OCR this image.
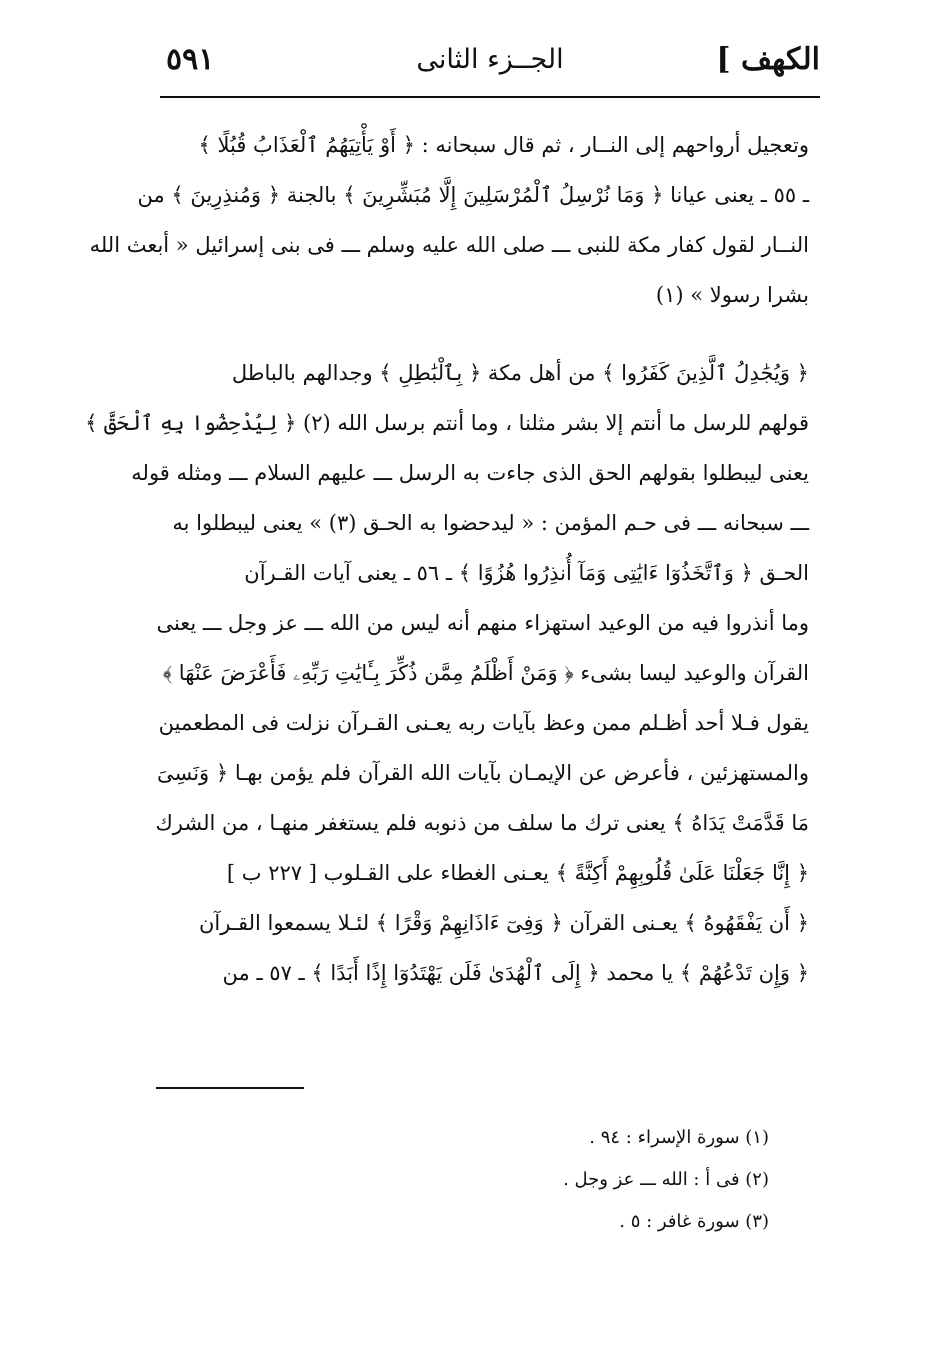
الكهف ]
الجــزء الثانى
٥٩١
وتعجيل أرواحهم إلى النــار ، ثم قال سبحانه : ﴿ أَوْ يَأْتِيَهُمُ ٱلْعَذَابُ قُبُلًا ﴾
ـ ٥٥ ـ يعنى عيانا ﴿ وَمَا نُرْسِلُ ٱلْمُرْسَلِينَ إِلَّا مُبَشِّرِينَ ﴾ بالجنة ﴿ وَمُنذِرِينَ ﴾ من
النــار لقول كفار مكة للنبى ـــ صلى الله عليه وسلم ـــ فى بنى إسرائيل « أبعث الله
بشرا رسولا » (١)
﴿ وَيُجَٰدِلُ ٱلَّذِينَ كَفَرُوا ﴾ من أهل مكة ﴿ بِٱلْبَٰطِلِ ﴾ وجدالهم بالباطل
قولهم للرسل ما أنتم إلا بشر مثلنا ، وما أنتم برسل الله (٢) ﴿ لِيُدْحِضُوا بِهِ ٱلْحَقَّ ﴾
يعنى ليبطلوا بقولهم الحق الذى جاءت به الرسل ـــ عليهم السلام ـــ ومثله قوله
ـــ سبحانه ـــ فى حـم المؤمن : « ليدحضوا به الحـق (٣) » يعنى ليبطلوا به
الحـق ﴿ وَٱتَّخَذُوٓا ءَايَٰتِى وَمَآ أُنذِرُوا هُزُوًا ﴾ ـ ٥٦ ـ يعنى آيات القـرآن
وما أنذروا فيه من الوعيد استهزاء منهم أنه ليس من الله ـــ عز وجل ـــ يعنى
القرآن والوعيد ليسا بشىء ﴿ وَمَنْ أَظْلَمُ مِمَّن ذُكِّرَ بِـَٔايَٰتِ رَبِّهِۦ فَأَعْرَضَ عَنْهَا ﴾
يقول فـلا أحد أظـلم ممن وعظ بآيات ربه يعـنى القـرآن نزلت فى المطعمين
والمستهزئين ، فأعرض عن الإيمـان بآيات الله القرآن فلم يؤمن بهـا ﴿ وَنَسِىَ
مَا قَدَّمَتْ يَدَاهُ ﴾ يعنى ترك ما سلف من ذنوبه فلم يستغفر منهـا ، من الشرك
﴿ إِنَّا جَعَلْنَا عَلَىٰ قُلُوبِهِمْ أَكِنَّةً ﴾ يعـنى الغطاء على القـلوب [ ٢٢٧ ب ]
﴿ أَن يَفْقَهُوهُ ﴾ يعـنى القرآن ﴿ وَفِىٓ ءَاذَانِهِمْ وَقْرًا ﴾ لئـلا يسمعوا القـرآن
﴿ وَإِن تَدْعُهُمْ ﴾ يا محمد ﴿ إِلَى ٱلْهُدَىٰ فَلَن يَهْتَدُوٓا إِذًا أَبَدًا ﴾ ـ ٥٧ ـ من
(١) سورة الإسراء : ٩٤ .
(٢) فى أ : الله ـــ عز وجل .
(٣) سورة غافر : ٥ .
